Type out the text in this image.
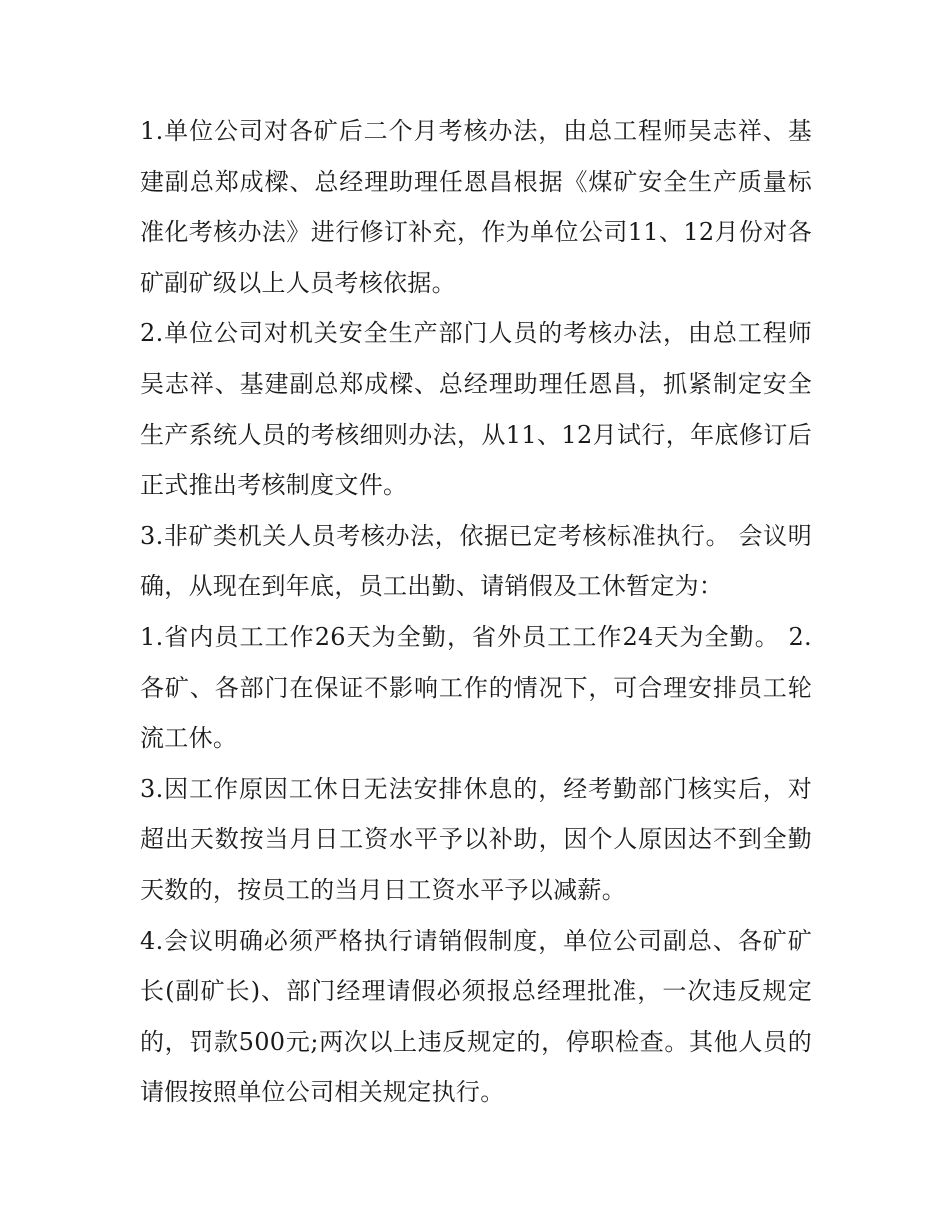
1.单位公司对各矿后二个月考核办法，由总工程师吴志祥、基建副总郑成樑、总经理助理任恩昌根据《煤矿安全生产质量标准化考核办法》进行修订补充，作为单位公司11、12月份对各矿副矿级以上人员考核依据。

2.单位公司对机关安全生产部门人员的考核办法，由总工程师吴志祥、基建副总郑成樑、总经理助理任恩昌，抓紧制定安全生产系统人员的考核细则办法，从11、12月试行，年底修订后正式推出考核制度文件。

3.非矿类机关人员考核办法，依据已定考核标准执行。 会议明确，从现在到年底，员工出勤、请销假及工休暂定为：

1.省内员工工作26天为全勤，省外员工工作24天为全勤。 2.各矿、各部门在保证不影响工作的情况下，可合理安排员工轮流工休。

3.因工作原因工休日无法安排休息的，经考勤部门核实后，对超出天数按当月日工资水平予以补助，因个人原因达不到全勤天数的，按员工的当月日工资水平予以减薪。

4.会议明确必须严格执行请销假制度，单位公司副总、各矿矿长(副矿长)、部门经理请假必须报总经理批准，一次违反规定的，罚款500元;两次以上违反规定的，停职检查。其他人员的请假按照单位公司相关规定执行。
